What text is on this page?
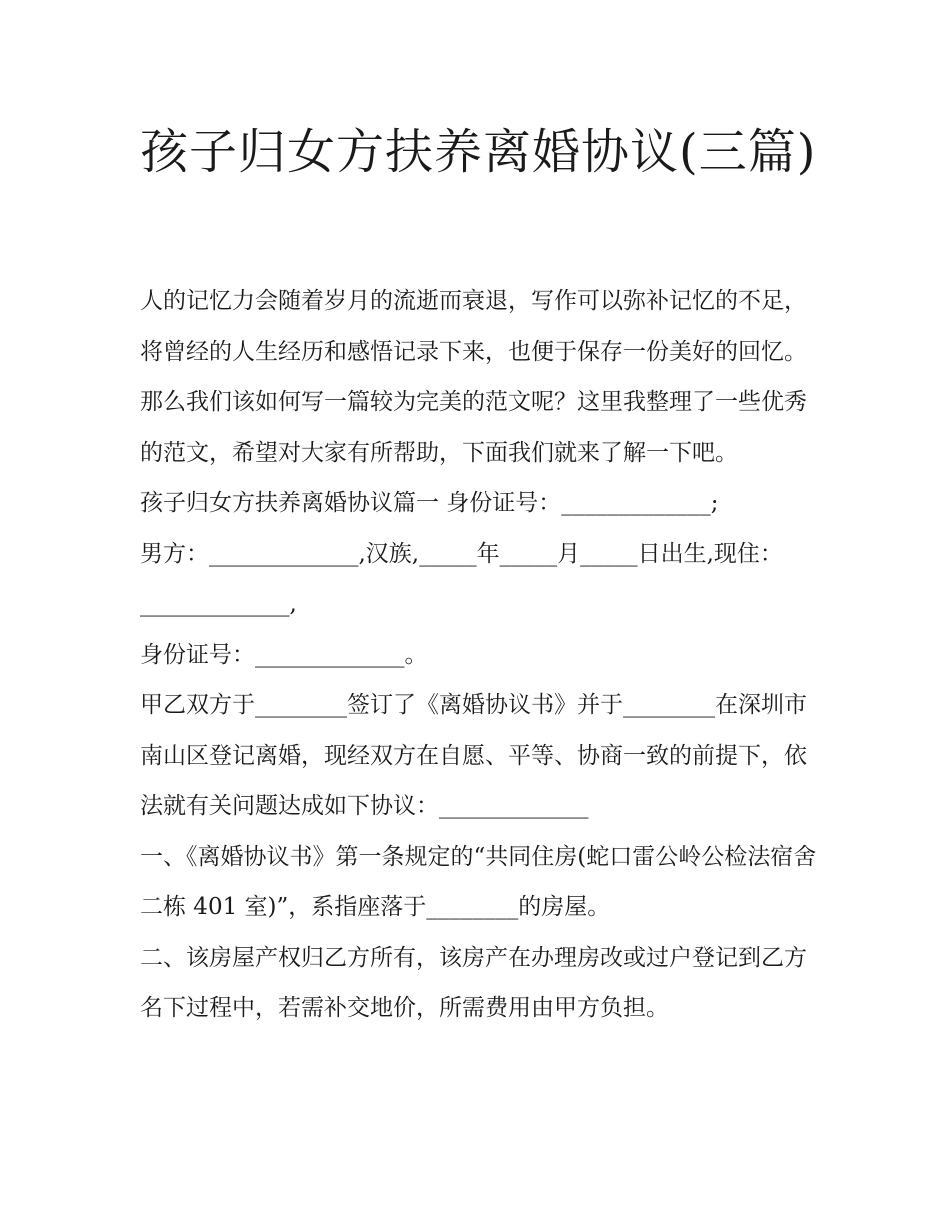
孩子归女方扶养离婚协议(三篇)

人的记忆力会随着岁月的流逝而衰退，写作可以弥补记忆的不足，将曾经的人生经历和感悟记录下来，也便于保存一份美好的回忆。那么我们该如何写一篇较为完美的范文呢？这里我整理了一些优秀的范文，希望对大家有所帮助，下面我们就来了解一下吧。

孩子归女方扶养离婚协议篇一 身份证号：_____________;

男方：_____________,汉族,_____年_____月_____日出生,现住：_____________,

身份证号：_____________。

甲乙双方于________签订了《离婚协议书》并于________在深圳市南山区登记离婚，现经双方在自愿、平等、协商一致的前提下，依法就有关问题达成如下协议：_____________

一、《离婚协议书》第一条规定的“共同住房(蛇口雷公岭公检法宿舍二栋 401 室)”，系指座落于________的房屋。

二、该房屋产权归乙方所有，该房产在办理房改或过户登记到乙方名下过程中，若需补交地价，所需费用由甲方负担。
